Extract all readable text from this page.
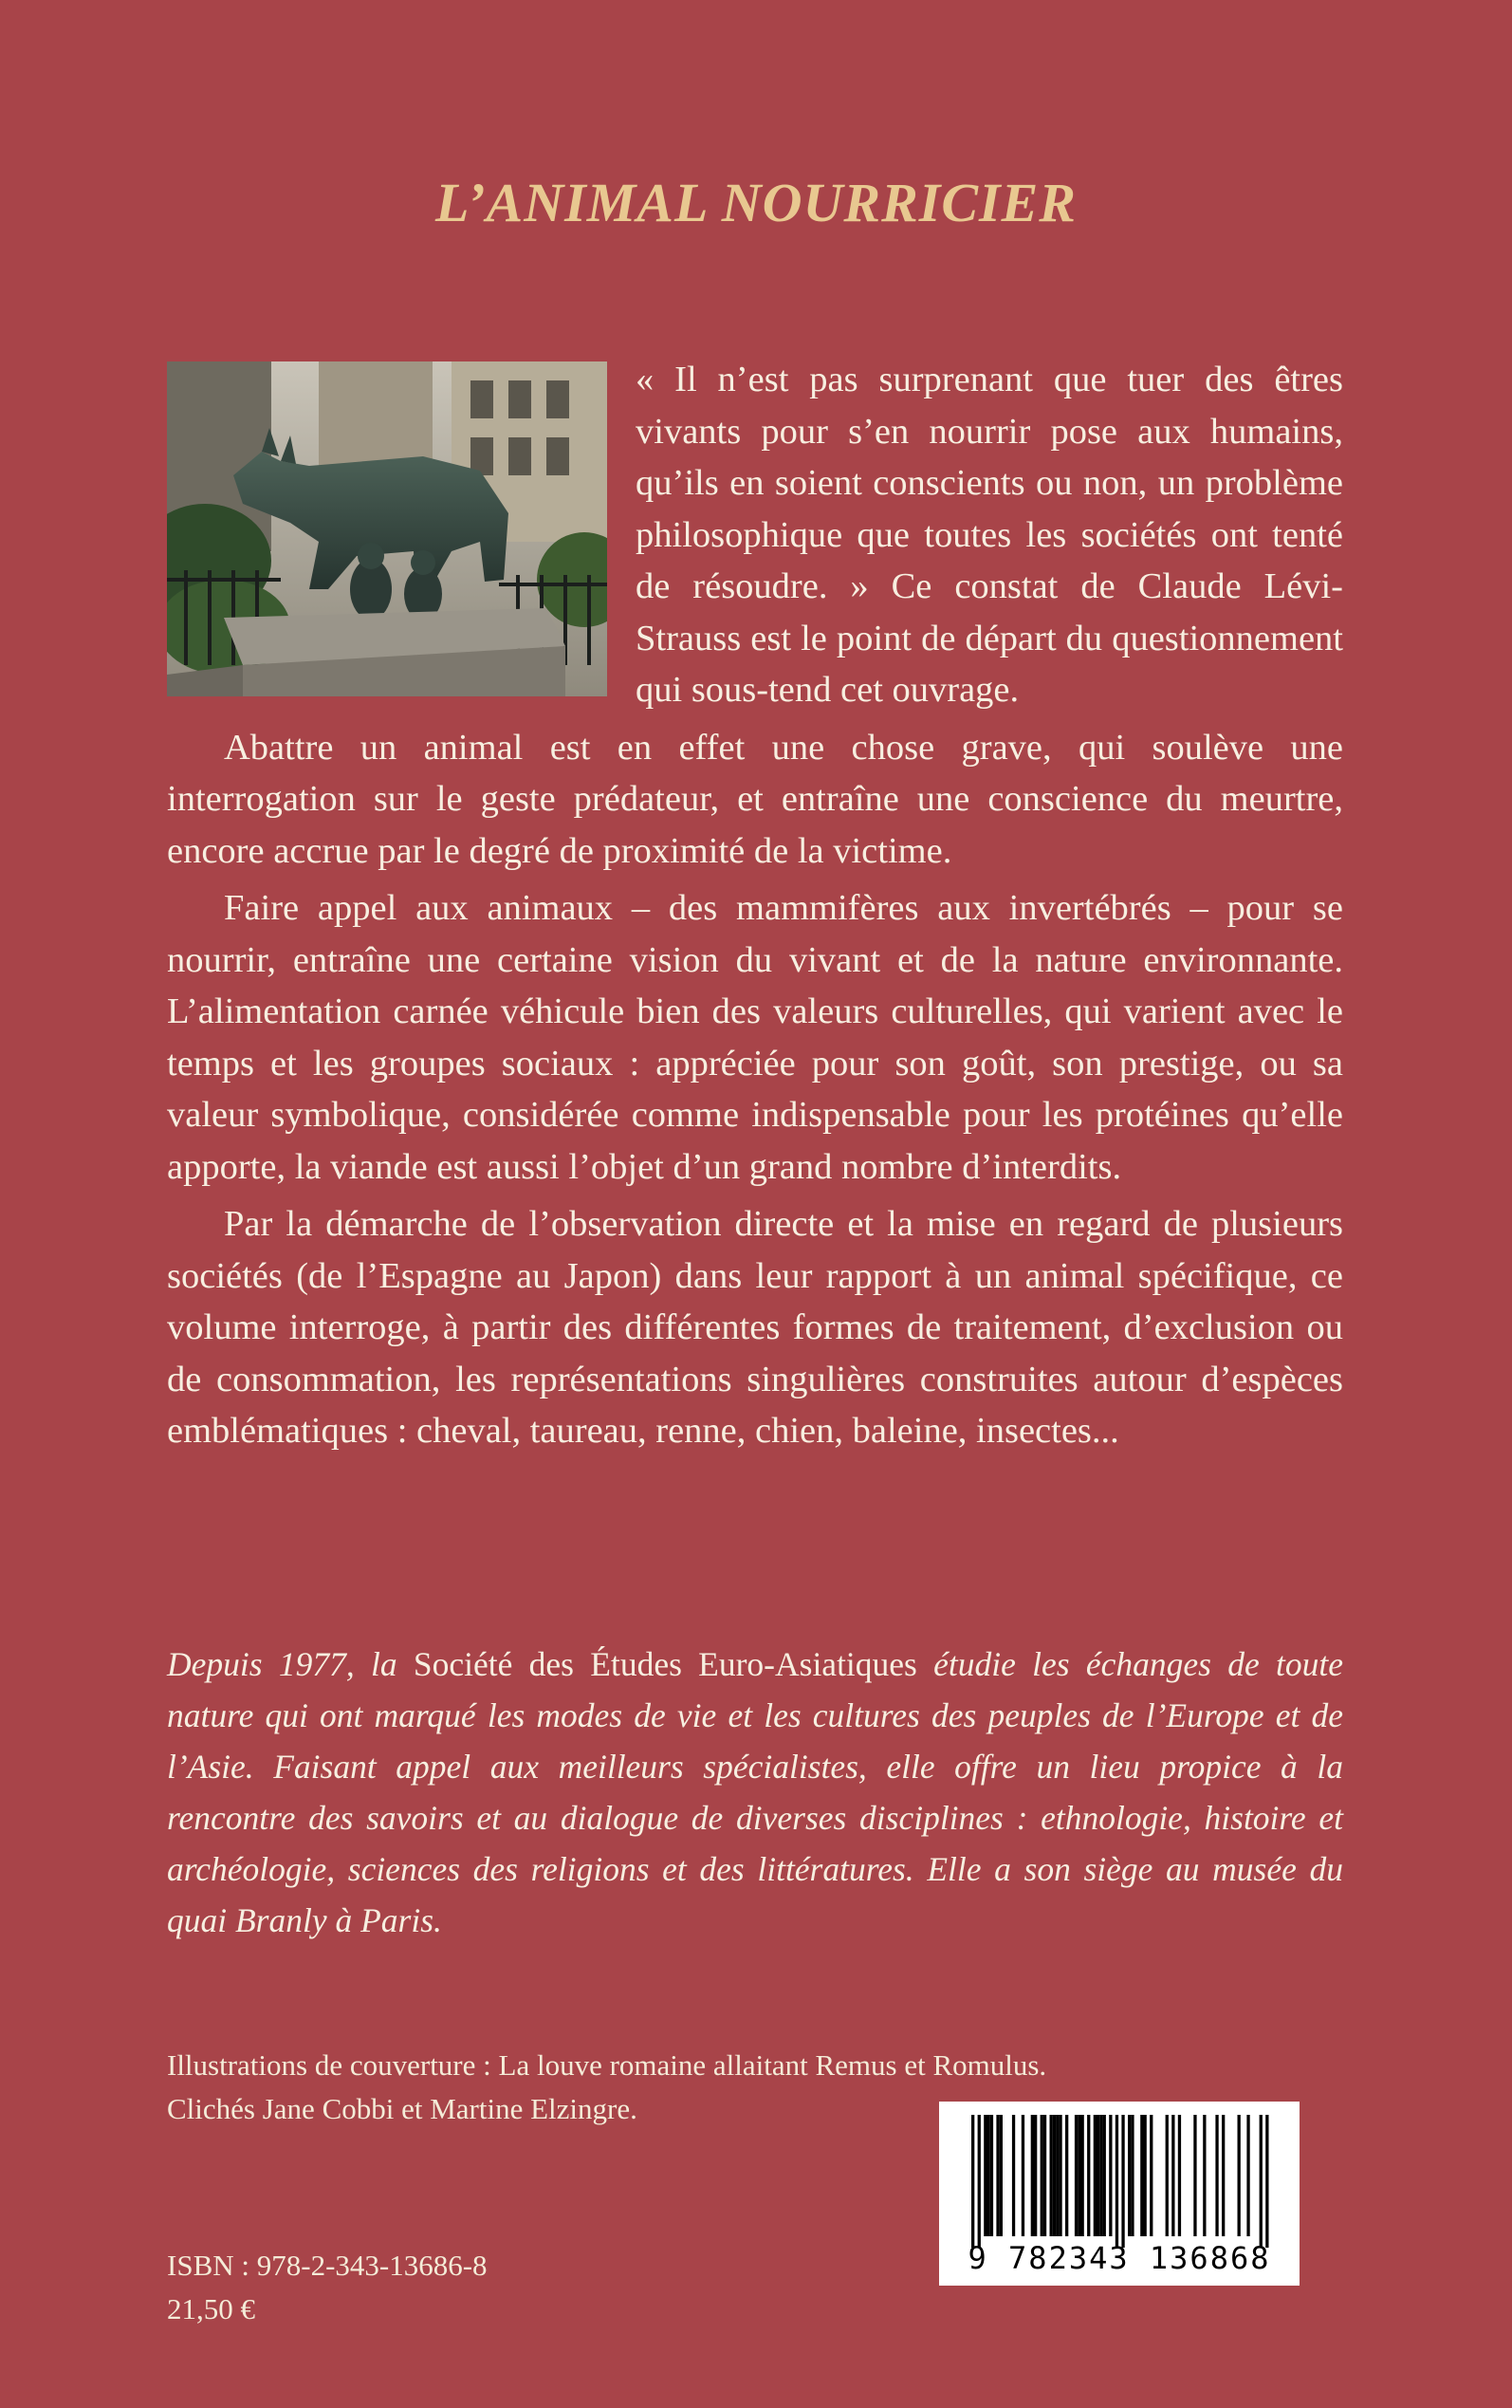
L’ANIMAL NOURRICIER

« Il n’est pas surprenant que tuer des êtres vivants pour s’en nourrir pose aux humains, qu’ils en soient conscients ou non, un problème philosophique que toutes les sociétés ont tenté de résoudre. » Ce constat de Claude Lévi-Strauss est le point de départ du questionnement qui sous-tend cet ouvrage.

Abattre un animal est en effet une chose grave, qui soulève une interrogation sur le geste prédateur, et entraîne une conscience du meurtre, encore accrue par le degré de proximité de la victime.

Faire appel aux animaux – des mammifères aux invertébrés – pour se nourrir, entraîne une certaine vision du vivant et de la nature environnante. L’alimentation carnée véhicule bien des valeurs culturelles, qui varient avec le temps et les groupes sociaux : appréciée pour son goût, son prestige, ou sa valeur symbolique, considérée comme indispensable pour les protéines qu’elle apporte, la viande est aussi l’objet d’un grand nombre d’interdits.

Par la démarche de l’observation directe et la mise en regard de plusieurs sociétés (de l’Espagne au Japon) dans leur rapport à un animal spécifique, ce volume interroge, à partir des différentes formes de traitement, d’exclusion ou de consommation, les représentations singulières construites autour d’espèces emblématiques : cheval, taureau, renne, chien, baleine, insectes...

Depuis 1977, la Société des Études Euro-Asiatiques étudie les échanges de toute nature qui ont marqué les modes de vie et les cultures des peuples de l’Europe et de l’Asie. Faisant appel aux meilleurs spécialistes, elle offre un lieu propice à la rencontre des savoirs et au dialogue de diverses disciplines : ethnologie, histoire et archéologie, sciences des religions et des littératures. Elle a son siège au musée du quai Branly à Paris.

Illustrations de couverture : La louve romaine allaitant Remus et Romulus.
Clichés Jane Cobbi et Martine Elzingre.
ISBN : 978-2-343-13686-8
21,50 €
9 782343 136868
